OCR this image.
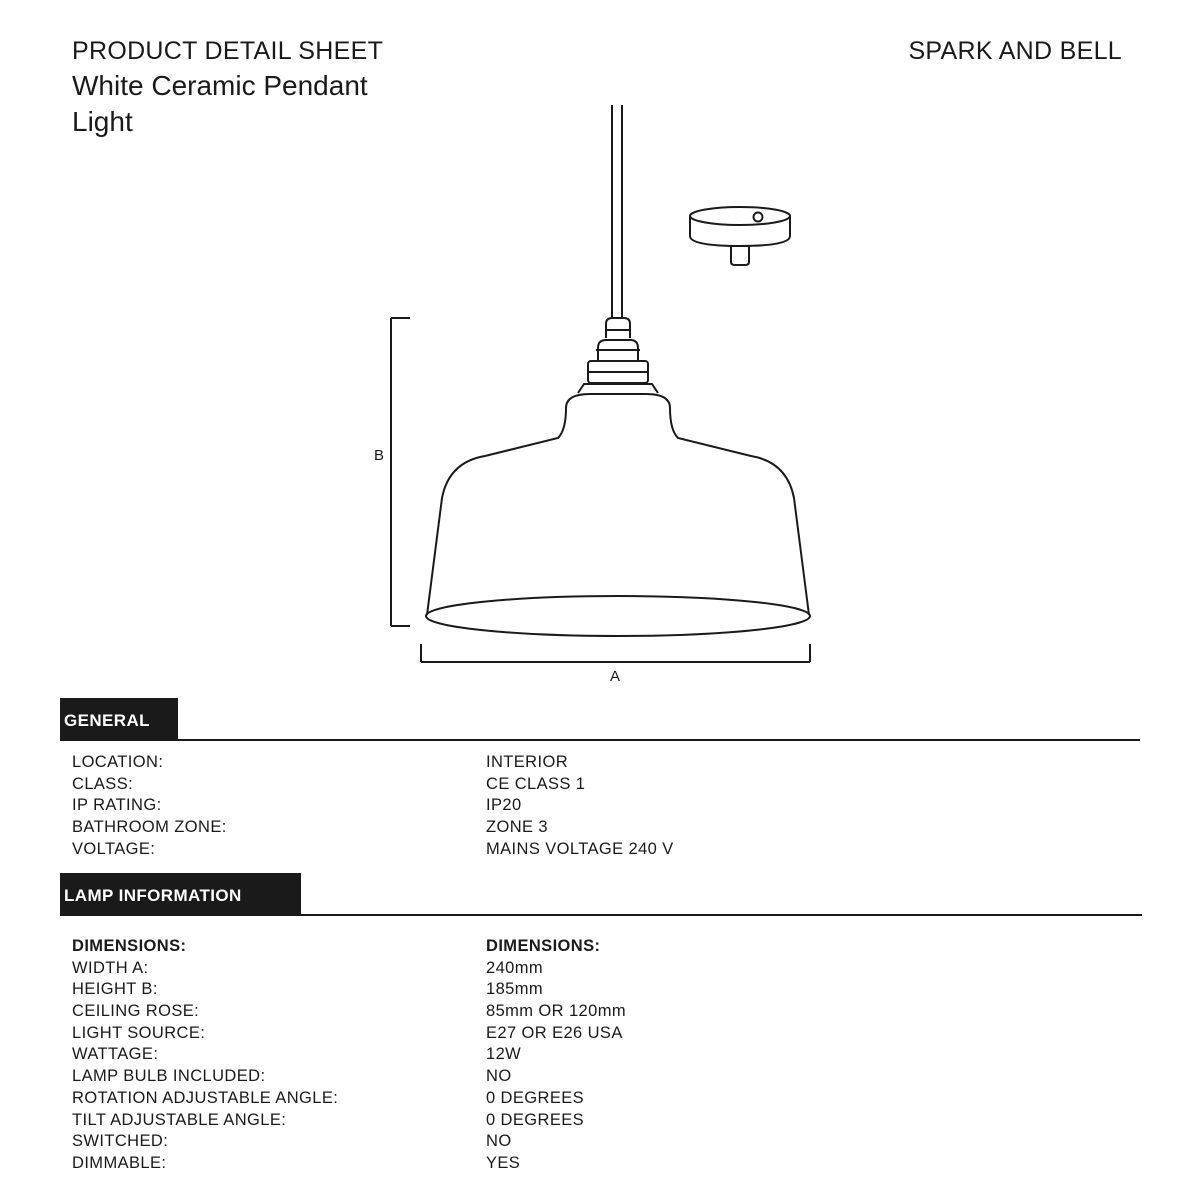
PRODUCT DETAIL SHEET
White Ceramic Pendant Light
SPARK AND BELL
B
A
GENERAL
LOCATION:	INTERIOR
CLASS:	CE CLASS 1
IP RATING:	IP20
BATHROOM ZONE:	ZONE 3
VOLTAGE:	MAINS VOLTAGE 240 V
LAMP INFORMATION
DIMENSIONS:	DIMENSIONS:
WIDTH A:	240mm
HEIGHT B:	185mm
CEILING ROSE:	85mm OR 120mm
LIGHT SOURCE:	E27 OR E26 USA
WATTAGE:	12W
LAMP BULB INCLUDED:	NO
ROTATION ADJUSTABLE ANGLE:	0 DEGREES
TILT ADJUSTABLE ANGLE:	0 DEGREES
SWITCHED:	NO
DIMMABLE:	YES
